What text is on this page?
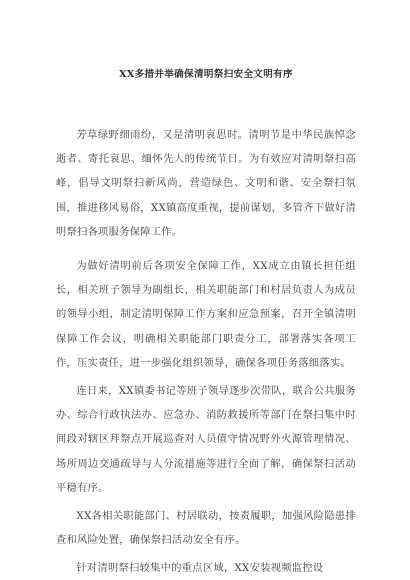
XX多措并举确保清明祭扫安全文明有序

芳草绿野细雨纷，又是清明哀思时。清明节是中华民族悼念逝者、寄托哀思、缅怀先人的传统节日。为有效应对清明祭扫高峰，倡导文明祭扫新风尚，营造绿色、文明和谐、安全祭扫氛围，推进移风易俗，XX镇高度重视，提前谋划，多管齐下做好清明祭扫各项服务保障工作。

为做好清明前后各项安全保障工作，XX成立由镇长担任组长，相关班子领导为副组长，相关职能部门和村居负责人为成员的领导小组，制定清明保障工作方案和应急预案，召开全镇清明保障工作会议，明确相关职能部门职责分工，部署落实各项工作，压实责任，进一步强化组织领导，确保各项任务落细落实。

连日来，XX镇委书记等班子领导逐步次带队，联合公共服务办、综合行政执法办、应急办、消防救援所等部门在祭扫集中时间段对辖区拜祭点开展巡查对人员值守情况野外火源管理情况、场所周边交通疏导与人分流措施等进行全面了解，确保祭扫活动平稳有序。

XX各相关职能部门、村居联动，按责履职，加强风险隐患排查和风险处置，确保祭扫活动安全有序。

针对清明祭扫较集中的重点区域，XX安装视频监控设
